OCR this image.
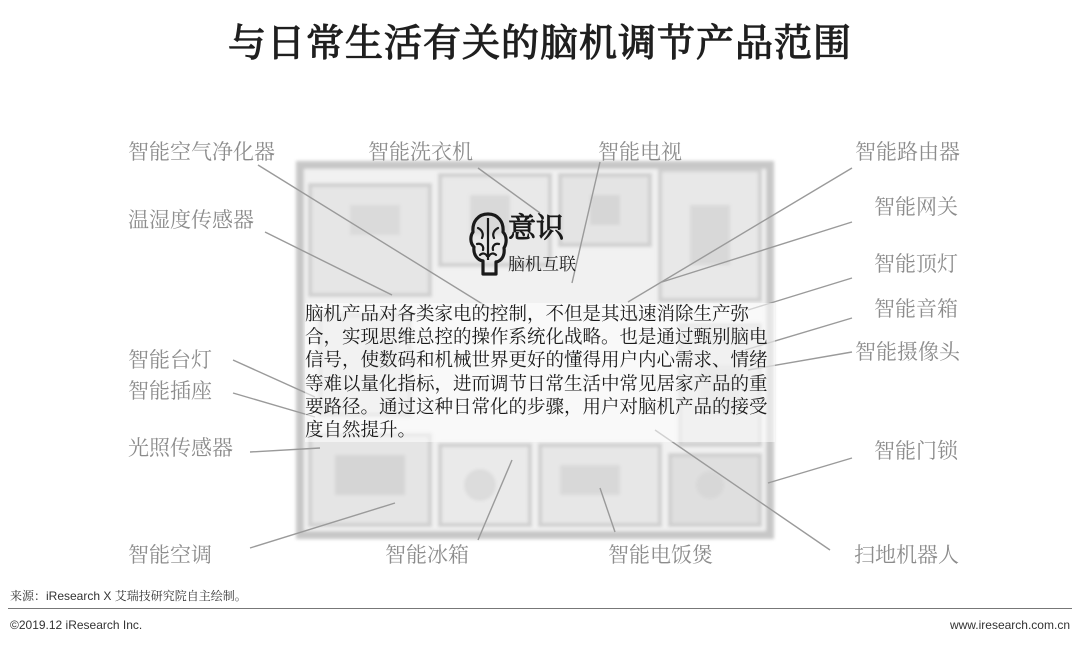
与日常生活有关的脑机调节产品范围
智能空气净化器	智能洗衣机	智能电视	智能路由器
温湿度传感器
智能网关
智能顶灯
智能音箱
智能摄像头
智能台灯
智能插座
光照传感器	智能门锁
智能空调	智能冰箱	智能电饭煲	扫地机器人
意识
脑机互联
脑机产品对各类家电的控制，不但是其迅速消除生产弥合，实现思维总控的操作系统化战略。也是通过甄别脑电信号，使数码和机械世界更好的懂得用户内心需求、情绪等难以量化指标，进而调节日常生活中常见居家产品的重要路径。通过这种日常化的步骤，用户对脑机产品的接受度自然提升。
来源：iResearch X 艾瑞技研究院自主绘制。
©2019.12 iResearch Inc.	www.iresearch.com.cn
